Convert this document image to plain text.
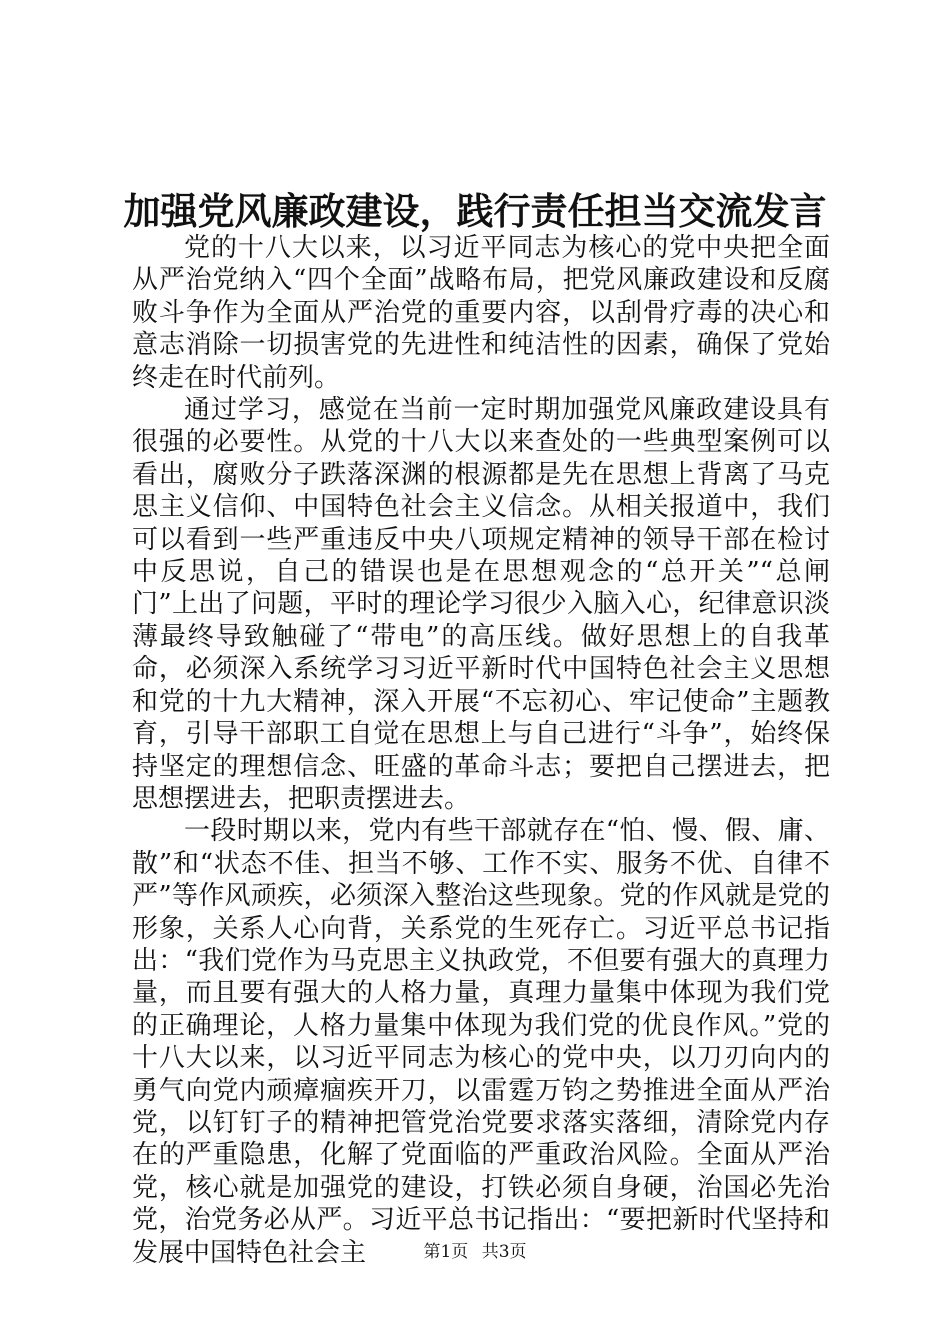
加强党风廉政建设，践行责任担当交流发言

党的十八大以来，以习近平同志为核心的党中央把全面从严治党纳入“四个全面”战略布局，把党风廉政建设和反腐败斗争作为全面从严治党的重要内容，以刮骨疗毒的决心和意志消除一切损害党的先进性和纯洁性的因素，确保了党始终走在时代前列。

通过学习，感觉在当前一定时期加强党风廉政建设具有很强的必要性。从党的十八大以来查处的一些典型案例可以看出，腐败分子跌落深渊的根源都是先在思想上背离了马克思主义信仰、中国特色社会主义信念。从相关报道中，我们可以看到一些严重违反中央八项规定精神的领导干部在检讨中反思说，自己的错误也是在思想观念的“总开关”“总闸门”上出了问题，平时的理论学习很少入脑入心，纪律意识淡薄最终导致触碰了“带电”的高压线。做好思想上的自我革命，必须深入系统学习习近平新时代中国特色社会主义思想和党的十九大精神，深入开展“不忘初心、牢记使命”主题教育，引导干部职工自觉在思想上与自己进行“斗争”，始终保持坚定的理想信念、旺盛的革命斗志；要把自己摆进去，把思想摆进去，把职责摆进去。

一段时期以来，党内有些干部就存在“怕、慢、假、庸、散”和“状态不佳、担当不够、工作不实、服务不优、自律不严”等作风顽疾，必须深入整治这些现象。党的作风就是党的形象，关系人心向背，关系党的生死存亡。习近平总书记指出：“我们党作为马克思主义执政党，不但要有强大的真理力量，而且要有强大的人格力量，真理力量集中体现为我们党的正确理论，人格力量集中体现为我们党的优良作风。”党的十八大以来，以习近平同志为核心的党中央，以刀刃向内的勇气向党内顽瘴痼疾开刀，以雷霆万钧之势推进全面从严治党，以钉钉子的精神把管党治党要求落实落细，清除党内存在的严重隐患，化解了党面临的严重政治风险。全面从严治党，核心就是加强党的建设，打铁必须自身硬，治国必先治党，治党务必从严。习近平总书记指出：“要把新时代坚持和发展中国特色社会主	第1页 共3页
